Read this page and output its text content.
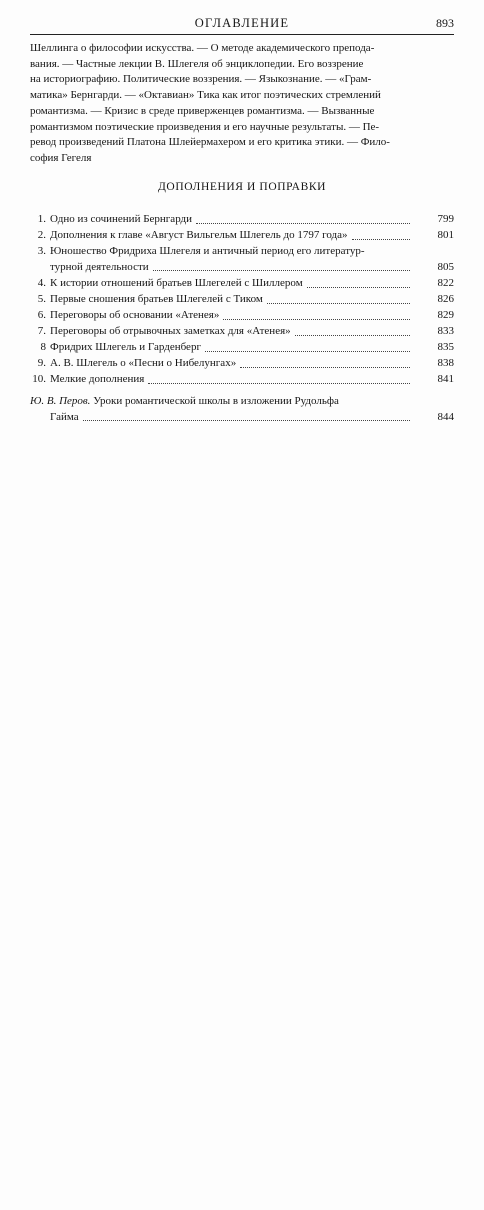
ОГЛАВЛЕНИЕ	893
Шеллинга о философии искусства. — О методе академического препода-
вания. — Частные лекции В. Шлегеля об энциклопедии. Его воззрение
на историографию. Политические воззрения. — Языкознание. — «Грам-
матика» Бернгарди. — «Октавиан» Тика как итог поэтических стремлений
романтизма. — Кризис в среде приверженцев романтизма. — Вызванные
романтизмом поэтические произведения и его научные результаты. — Пе-
ревод произведений Платона Шлейермахером и его критика этики. — Фило-
софия Гегеля
ДОПОЛНЕНИЯ И ПОПРАВКИ
1. Одно из сочинений Бернгарди	799
2. Дополнения к главе «Август Вильгельм Шлегель до 1797 года»	801
3. Юношество Фридриха Шлегеля и античный период его литератур-
турной деятельности	805
4. К истории отношений братьев Шлегелей с Шиллером	822
5. Первые сношения братьев Шлегелей с Тиком	826
6. Переговоры об основании «Атенея»	829
7. Переговоры об отрывочных заметках для «Атенея»	833
8 Фридрих Шлегель и Гарденберг	835
9. А. В. Шлегель о «Песни о Нибелунгах»	838
10. Мелкие дополнения	841
Ю. В. Перов.
Уроки романтической школы в изложении Рудольфа
Гайма	844
